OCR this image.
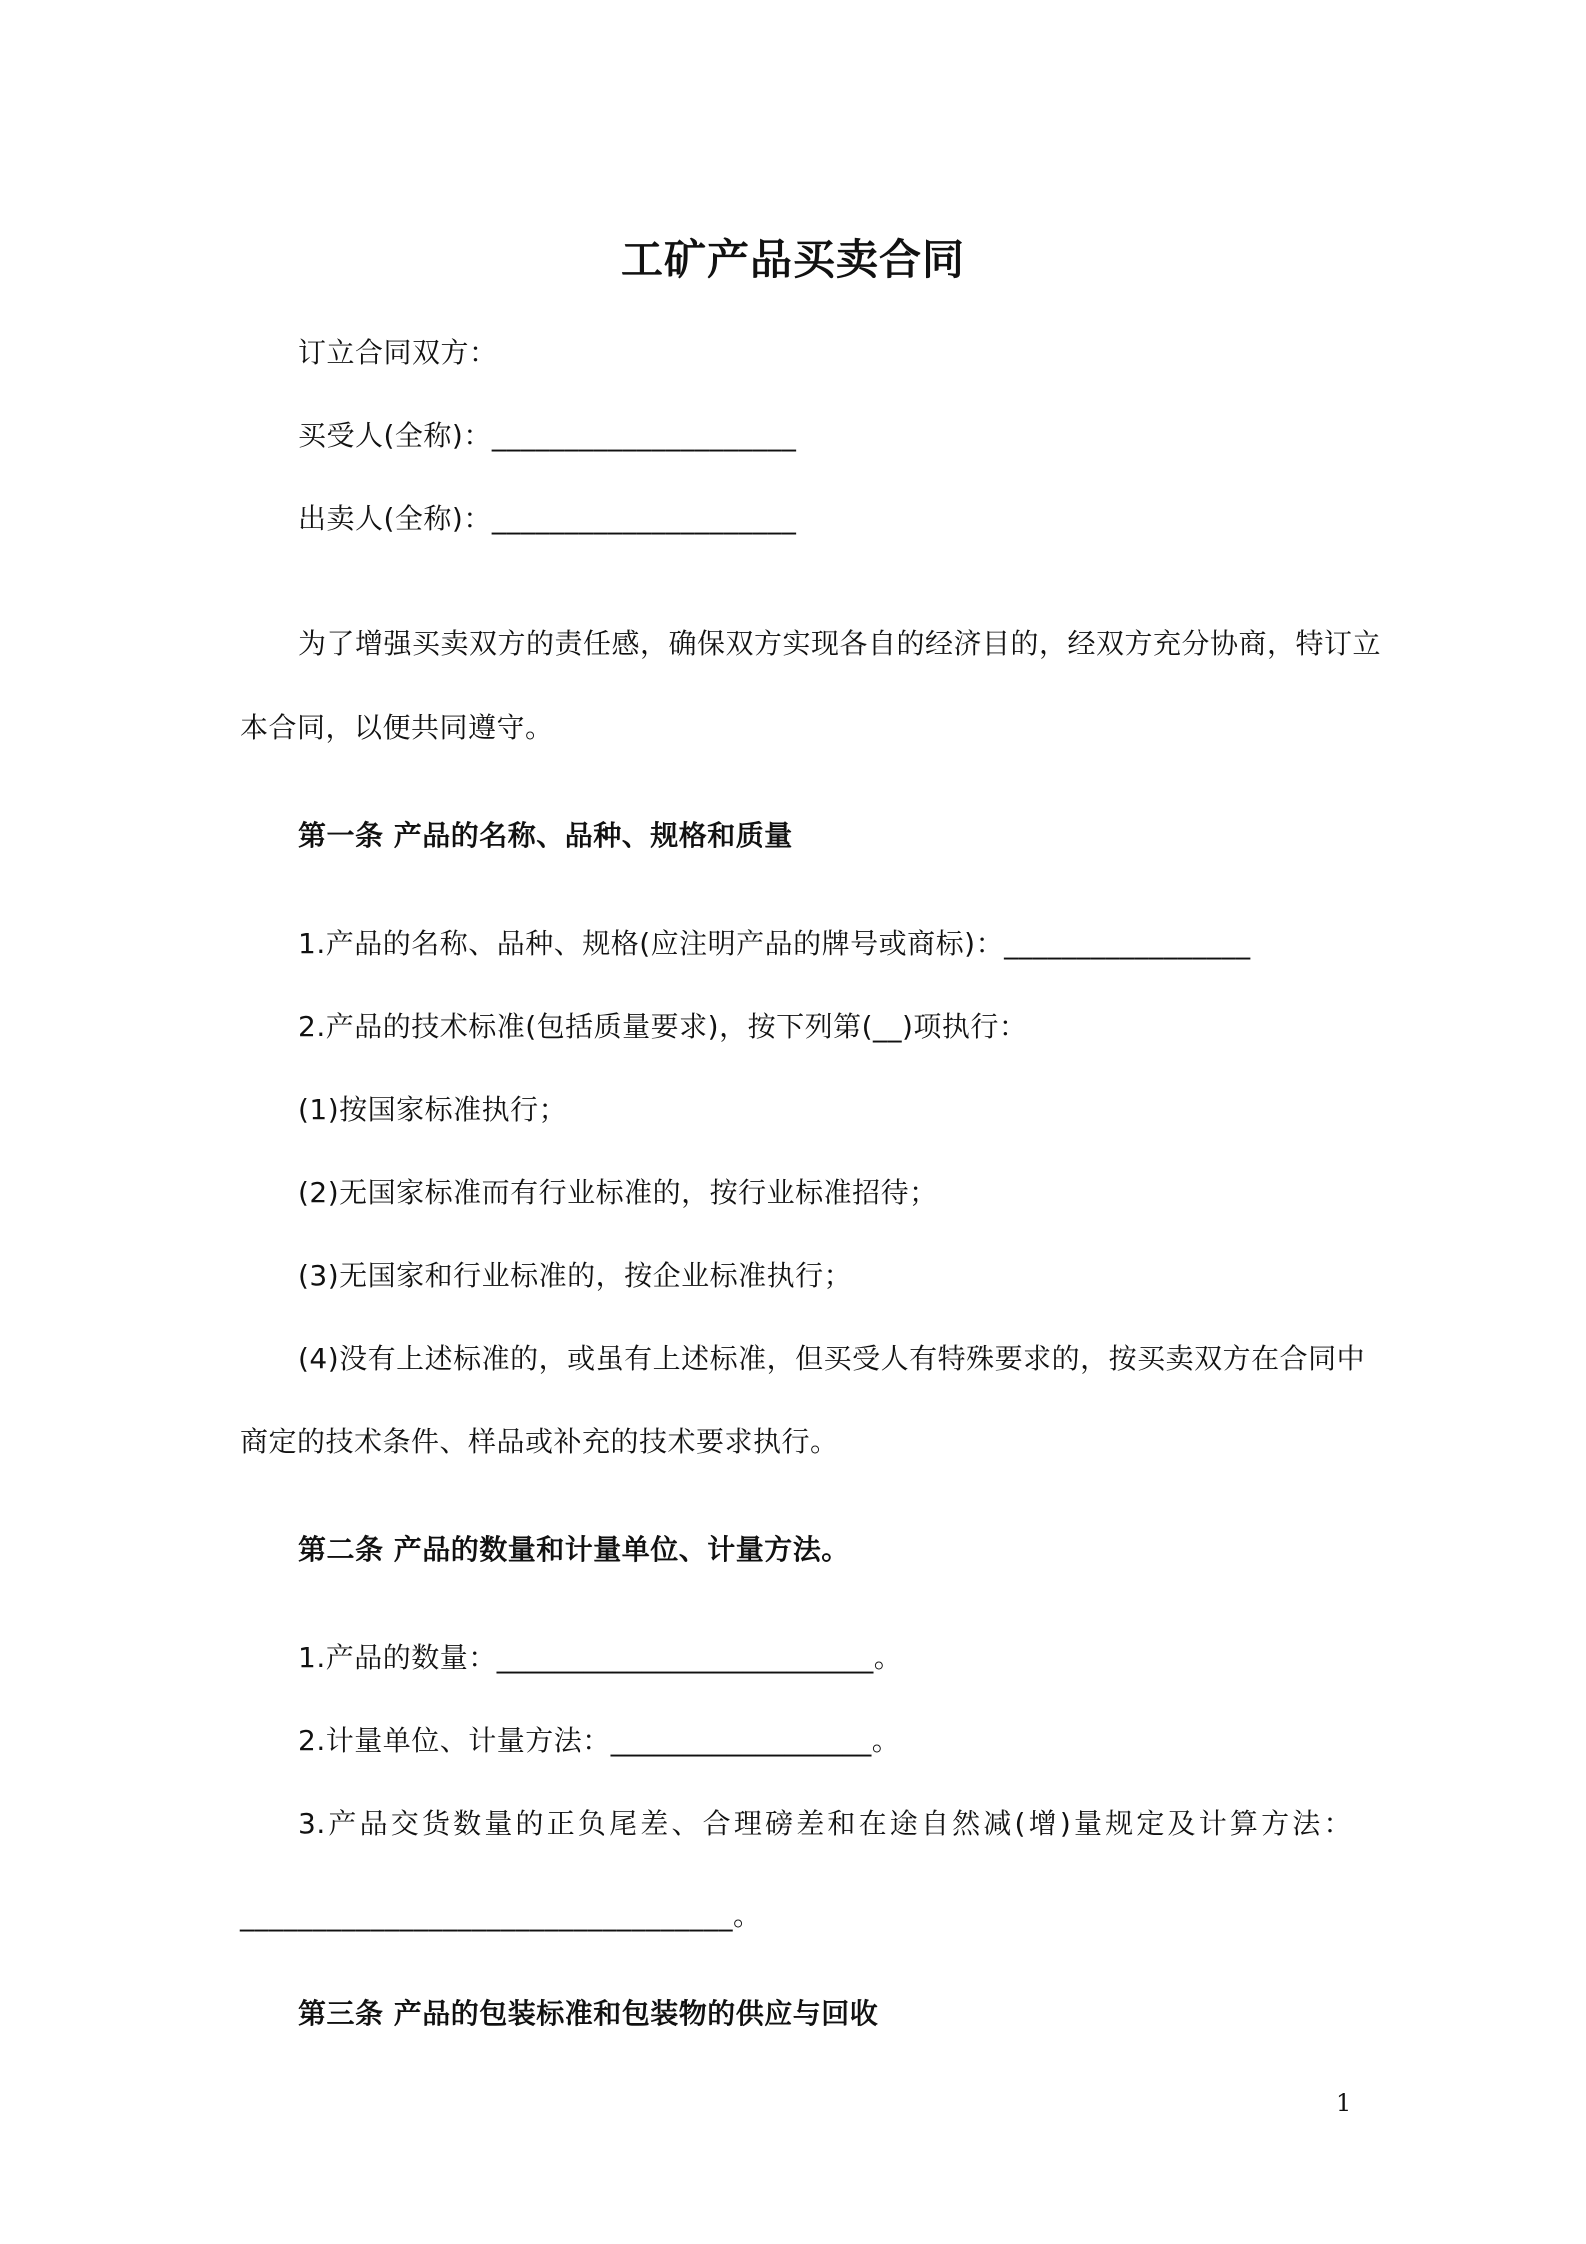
工矿产品买卖合同
订立合同双方：
买受人(全称)：_____________________
出卖人(全称)：_____________________
为了增强买卖双方的责任感，确保双方实现各自的经济目的，经双方充分协商，特订立
本合同，以便共同遵守。
第一条 产品的名称、品种、规格和质量
1.产品的名称、品种、规格(应注明产品的牌号或商标)：_________________
2.产品的技术标准(包括质量要求)，按下列第(__)项执行：
(1)按国家标准执行；
(2)无国家标准而有行业标准的，按行业标准招待；
(3)无国家和行业标准的，按企业标准执行；
(4)没有上述标准的，或虽有上述标准，但买受人有特殊要求的，按买卖双方在合同中
商定的技术条件、样品或补充的技术要求执行。
第二条 产品的数量和计量单位、计量方法。
1.产品的数量：__________________________。
2.计量单位、计量方法：__________________。
3.产品交货数量的正负尾差、合理磅差和在途自然减(增)量规定及计算方法：
__________________________________。
第三条 产品的包装标准和包装物的供应与回收
1
